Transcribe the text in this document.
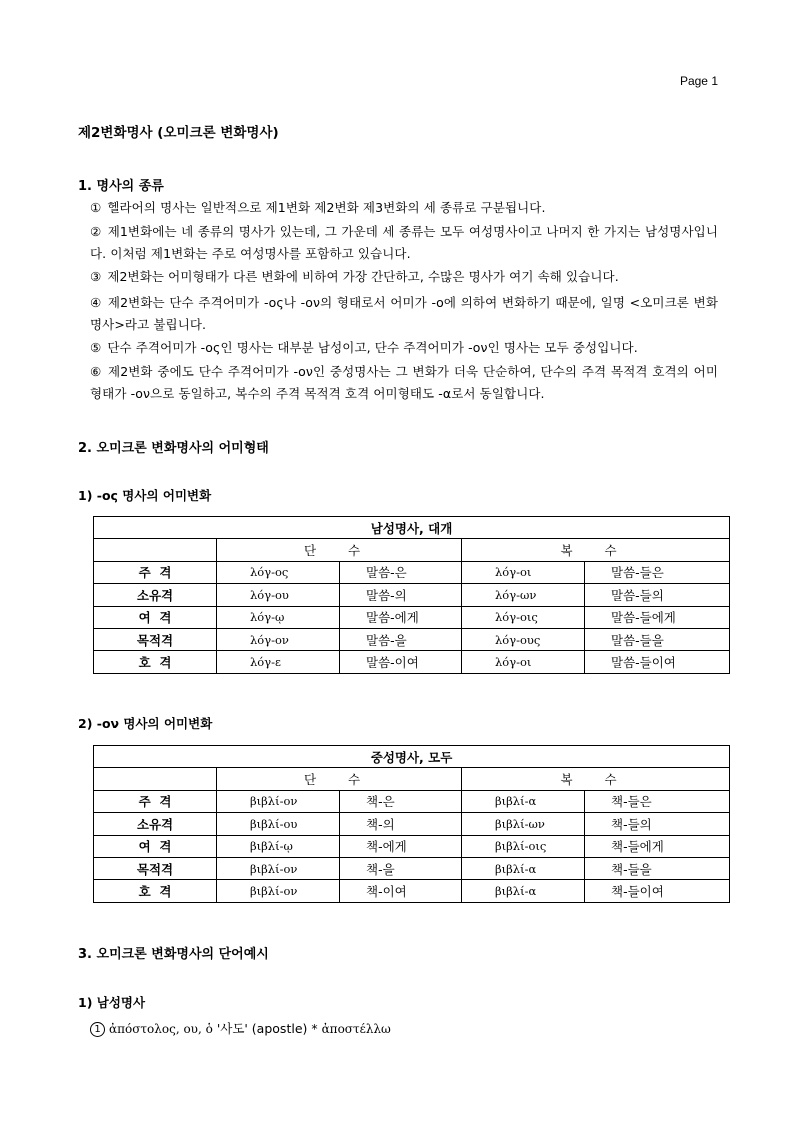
Page 1
제2변화명사 (오미크론 변화명사)
1. 명사의 종류
① 헬라어의 명사는 일반적으로 제1변화 제2변화 제3변화의 세 종류로 구분됩니다.
② 제1변화에는 네 종류의 명사가 있는데, 그 가운데 세 종류는 모두 여성명사이고 나머지 한 가지는 남성명사입니다. 이처럼 제1변화는 주로 여성명사를 포함하고 있습니다.
③ 제2변화는 어미형태가 다른 변화에 비하여 가장 간단하고, 수많은 명사가 여기 속해 있습니다.
④ 제2변화는 단수 주격어미가 -ος나 -ον의 형태로서 어미가 -o에 의하여 변화하기 때문에, 일명 <오미크론 변화명사>라고 불립니다.
⑤ 단수 주격어미가 -ος인 명사는 대부분 남성이고, 단수 주격어미가 -ον인 명사는 모두 중성입니다.
⑥ 제2변화 중에도 단수 주격어미가 -ον인 중성명사는 그 변화가 더욱 단순하여, 단수의 주격 목적격 호격의 어미형태가 -ον으로 동일하고, 복수의 주격 목적격 호격 어미형태도 -α로서 동일합니다.
2. 오미크론 변화명사의 어미형태
1) -ος 명사의 어미변화
남성명사, 대개				
	단 수		복 수	
주  격	λόγ-ος	말씀-은	λόγ-οι	말씀-들은
소유격	λόγ-ου	말씀-의	λόγ-ων	말씀-들의
여  격	λόγ-ῳ	말씀-에게	λόγ-οις	말씀-들에게
목적격	λόγ-ον	말씀-을	λόγ-ους	말씀-들을
호  격	λόγ-ε	말씀-이여	λόγ-οι	말씀-들이여
2) -ον 명사의 어미변화
중성명사, 모두				
	단 수		복 수	
주  격	βιβλί-ον	책-은	βιβλί-α	책-들은
소유격	βιβλί-ου	책-의	βιβλί-ων	책-들의
여  격	βιβλί-ῳ	책-에게	βιβλί-οις	책-들에게
목적격	βιβλί-ον	책-을	βιβλί-α	책-들을
호  격	βιβλί-ον	책-이여	βιβλί-α	책-들이여
3. 오미크론 변화명사의 단어예시
1) 남성명사
1 ἀπόστολος, ου, ὁ '사도' (apostle) * ἀποστέλλω
